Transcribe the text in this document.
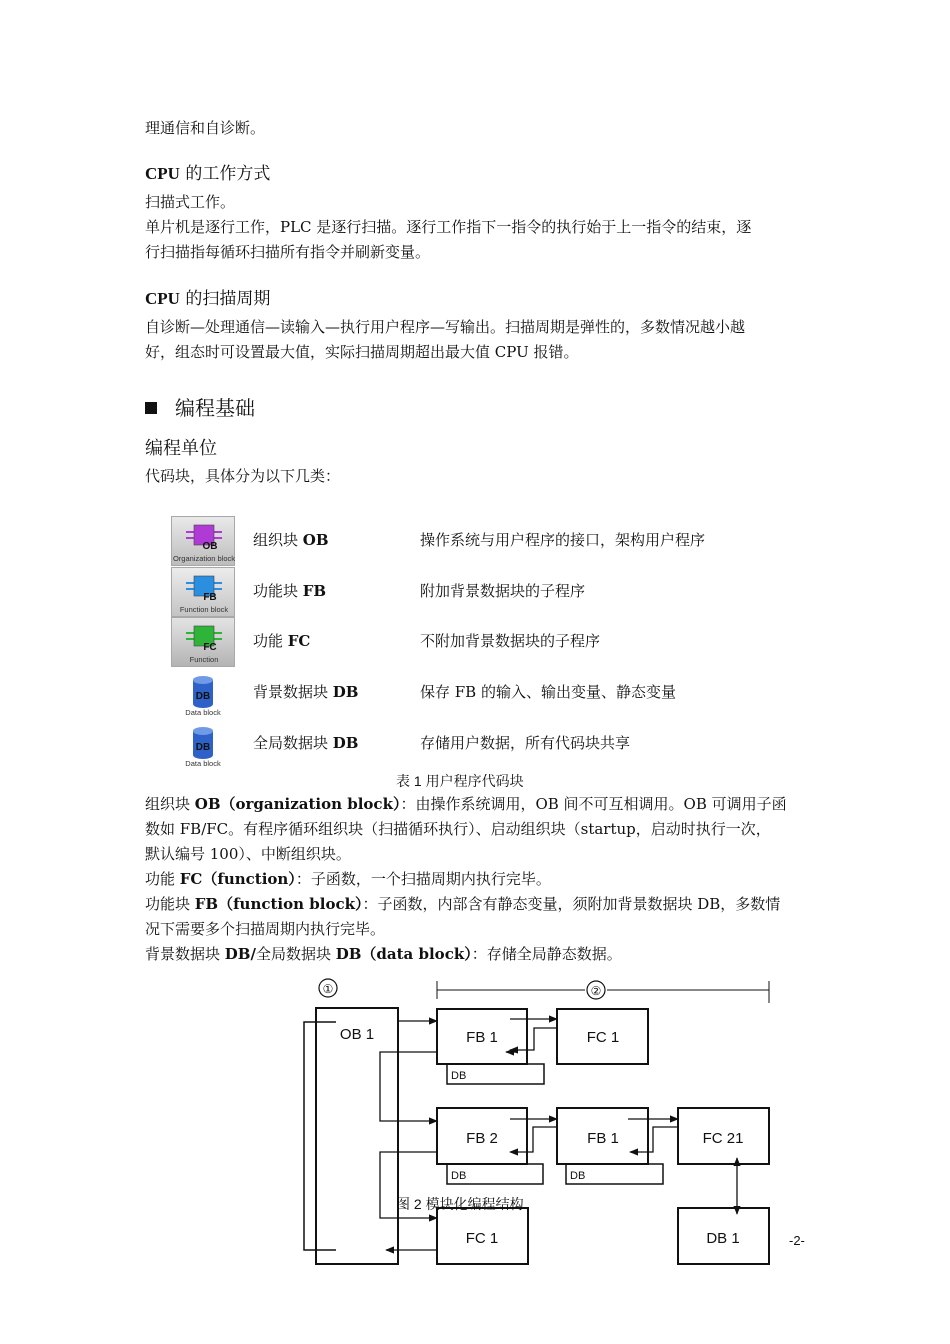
理通信和自诊断。
CPU 的工作方式
扫描式工作。
单片机是逐行工作，PLC 是逐行扫描。逐行工作指下一指令的执行始于上一指令的结束，逐
行扫描指每循环扫描所有指令并刷新变量。
CPU 的扫描周期
自诊断—处理通信—读输入—执行用户程序—写输出。扫描周期是弹性的，多数情况越小越
好，组态时可设置最大值，实际扫描周期超出最大值 CPU 报错。
编程基础
编程单位
代码块，具体分为以下几类：
OB
Organization block
组织块 OB	操作系统与用户程序的接口，架构用户程序
FB
Function block
功能块 FB	附加背景数据块的子程序
FC
Function
功能 FC	不附加背景数据块的子程序
DB
Data block
背景数据块 DB	保存 FB 的输入、输出变量、静态变量
DB
Data block
全局数据块 DB	存储用户数据，所有代码块共享
表 1 用户程序代码块
组织块 OB（organization block）：由操作系统调用，OB 间不可互相调用。OB 可调用子函
数如 FB/FC。有程序循环组织块（扫描循环执行）、启动组织块（startup，启动时执行一次，
默认编号 100）、中断组织块。
功能 FC（function）：子函数，一个扫描周期内执行完毕。
功能块 FB（function block）：子函数，内部含有静态变量，须附加背景数据块 DB，多数情
况下需要多个扫描周期内执行完毕。
背景数据块 DB/全局数据块 DB（data block）：存储全局静态数据。
①	②
OB 1	FB 1	FC 1
DB
FB 2	FB 1	FC 21
DB	DB
FC 1	DB 1
图 2 模块化编程结构
-2-
